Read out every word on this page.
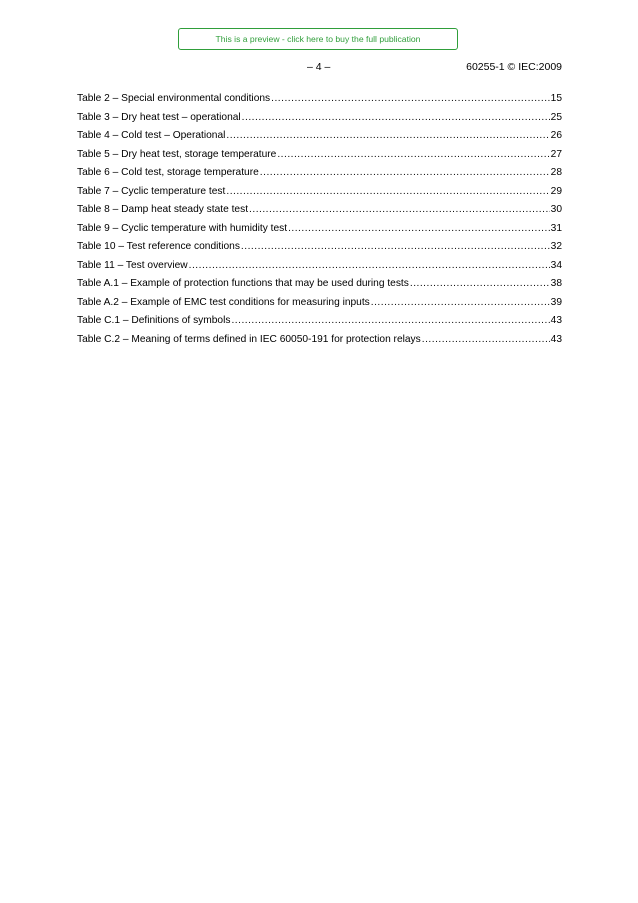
This is a preview - click here to buy the full publication
– 4 –	60255-1 © IEC:2009
Table 2 – Special environmental conditions .....	15
Table 3 – Dry heat test – operational .....	25
Table 4 – Cold test – Operational .....	26
Table 5 – Dry heat test, storage temperature .....	27
Table 6 – Cold test, storage temperature .....	28
Table 7 – Cyclic temperature test .....	29
Table 8 – Damp heat steady state test .....	30
Table 9 – Cyclic temperature with humidity test .....	31
Table 10 – Test reference conditions .....	32
Table 11 – Test overview .....	34
Table A.1 – Example of protection functions that may be used during tests .....	38
Table A.2 – Example of EMC test conditions for measuring inputs .....	39
Table C.1 – Definitions of symbols .....	43
Table C.2 – Meaning of terms defined in IEC 60050-191 for protection relays .....	43
